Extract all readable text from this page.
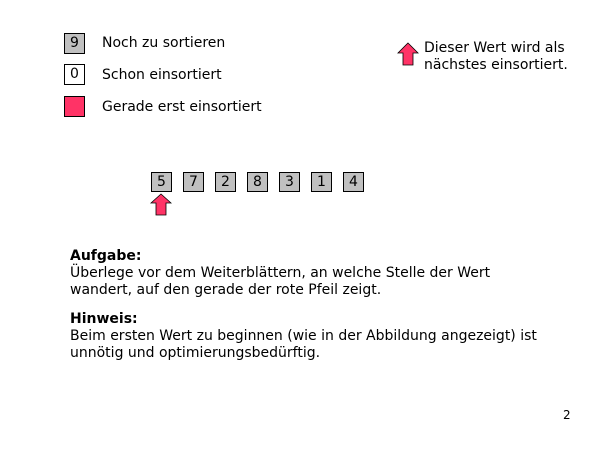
9	Noch zu sortieren
0	Schon einsortiert
Gerade erst einsortiert
Dieser Wert wird als
nächstes einsortiert.
5	7	2	8	3	1	4
Aufgabe:
Überlege vor dem Weiterblättern, an welche Stelle der Wert
wandert, auf den gerade der rote Pfeil zeigt.
Hinweis:
Beim ersten Wert zu beginnen (wie in der Abbildung angezeigt) ist
unnötig und optimierungsbedürftig.
2
